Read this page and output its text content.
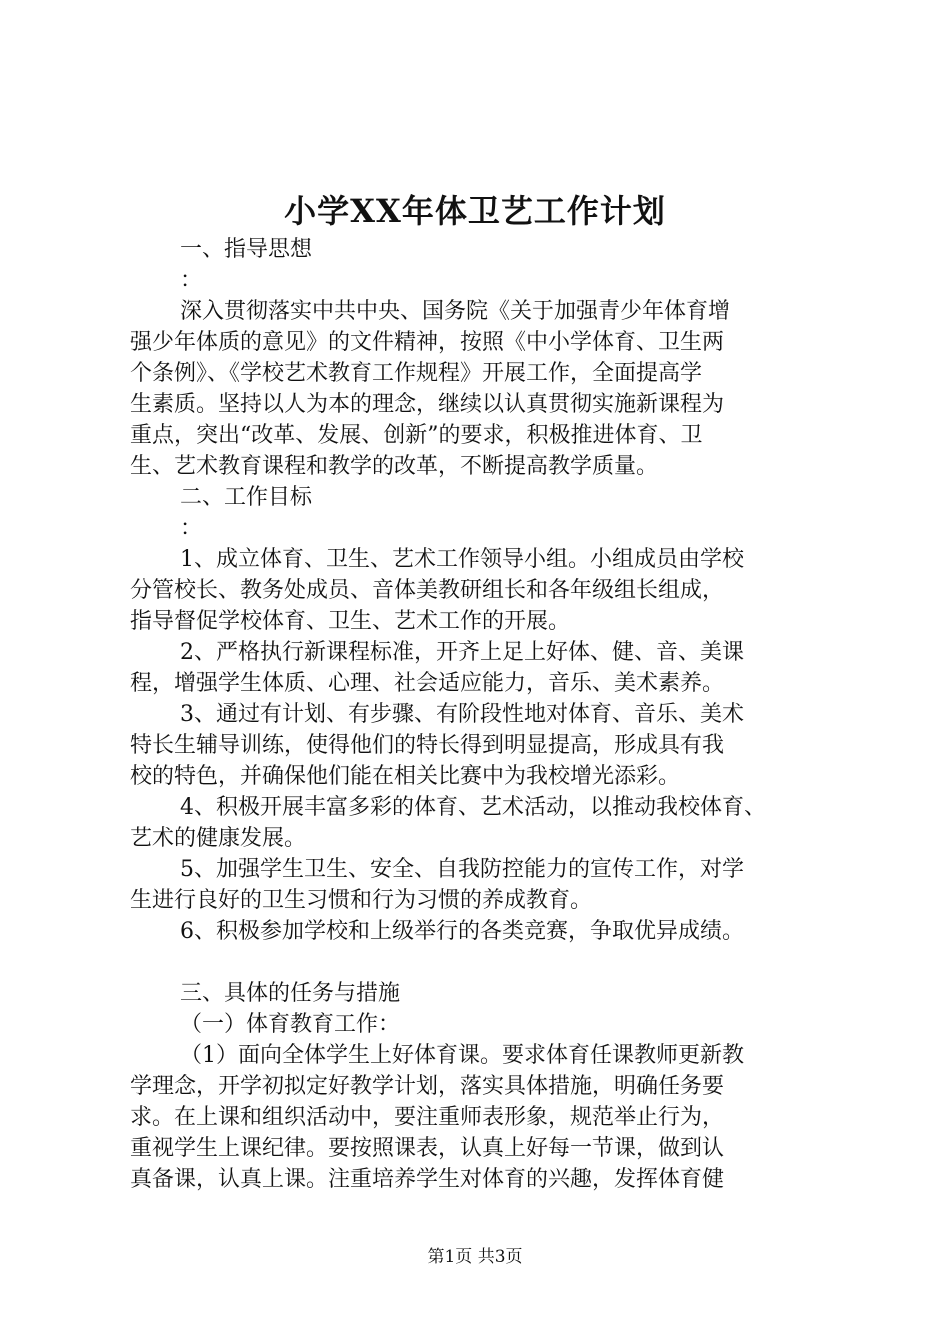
小学XX年体卫艺工作计划

一、指导思想

：

深入贯彻落实中共中央、国务院《关于加强青少年体育增

强少年体质的意见》的文件精神，按照《中小学体育、卫生两

个条例》、《学校艺术教育工作规程》开展工作，全面提高学

生素质。坚持以人为本的理念，继续以认真贯彻实施新课程为

重点，突出“改革、发展、创新”的要求，积极推进体育、卫

生、艺术教育课程和教学的改革，不断提高教学质量。

二、工作目标

：

1、成立体育、卫生、艺术工作领导小组。小组成员由学校

分管校长、教务处成员、音体美教研组长和各年级组长组成，

指导督促学校体育、卫生、艺术工作的开展。

2、严格执行新课程标准，开齐上足上好体、健、音、美课

程，增强学生体质、心理、社会适应能力，音乐、美术素养。

3、通过有计划、有步骤、有阶段性地对体育、音乐、美术

特长生辅导训练，使得他们的特长得到明显提高，形成具有我

校的特色，并确保他们能在相关比赛中为我校增光添彩。

4、积极开展丰富多彩的体育、艺术活动，以推动我校体育、

艺术的健康发展。

5、加强学生卫生、安全、自我防控能力的宣传工作，对学

生进行良好的卫生习惯和行为习惯的养成教育。

6、积极参加学校和上级举行的各类竞赛，争取优异成绩。

三、具体的任务与措施

（一）体育教育工作：

（1）面向全体学生上好体育课。要求体育任课教师更新教

学理念，开学初拟定好教学计划，落实具体措施，明确任务要

求。在上课和组织活动中，要注重师表形象，规范举止行为，

重视学生上课纪律。要按照课表，认真上好每一节课，做到认

真备课，认真上课。注重培养学生对体育的兴趣，发挥体育健

第1页 共3页
